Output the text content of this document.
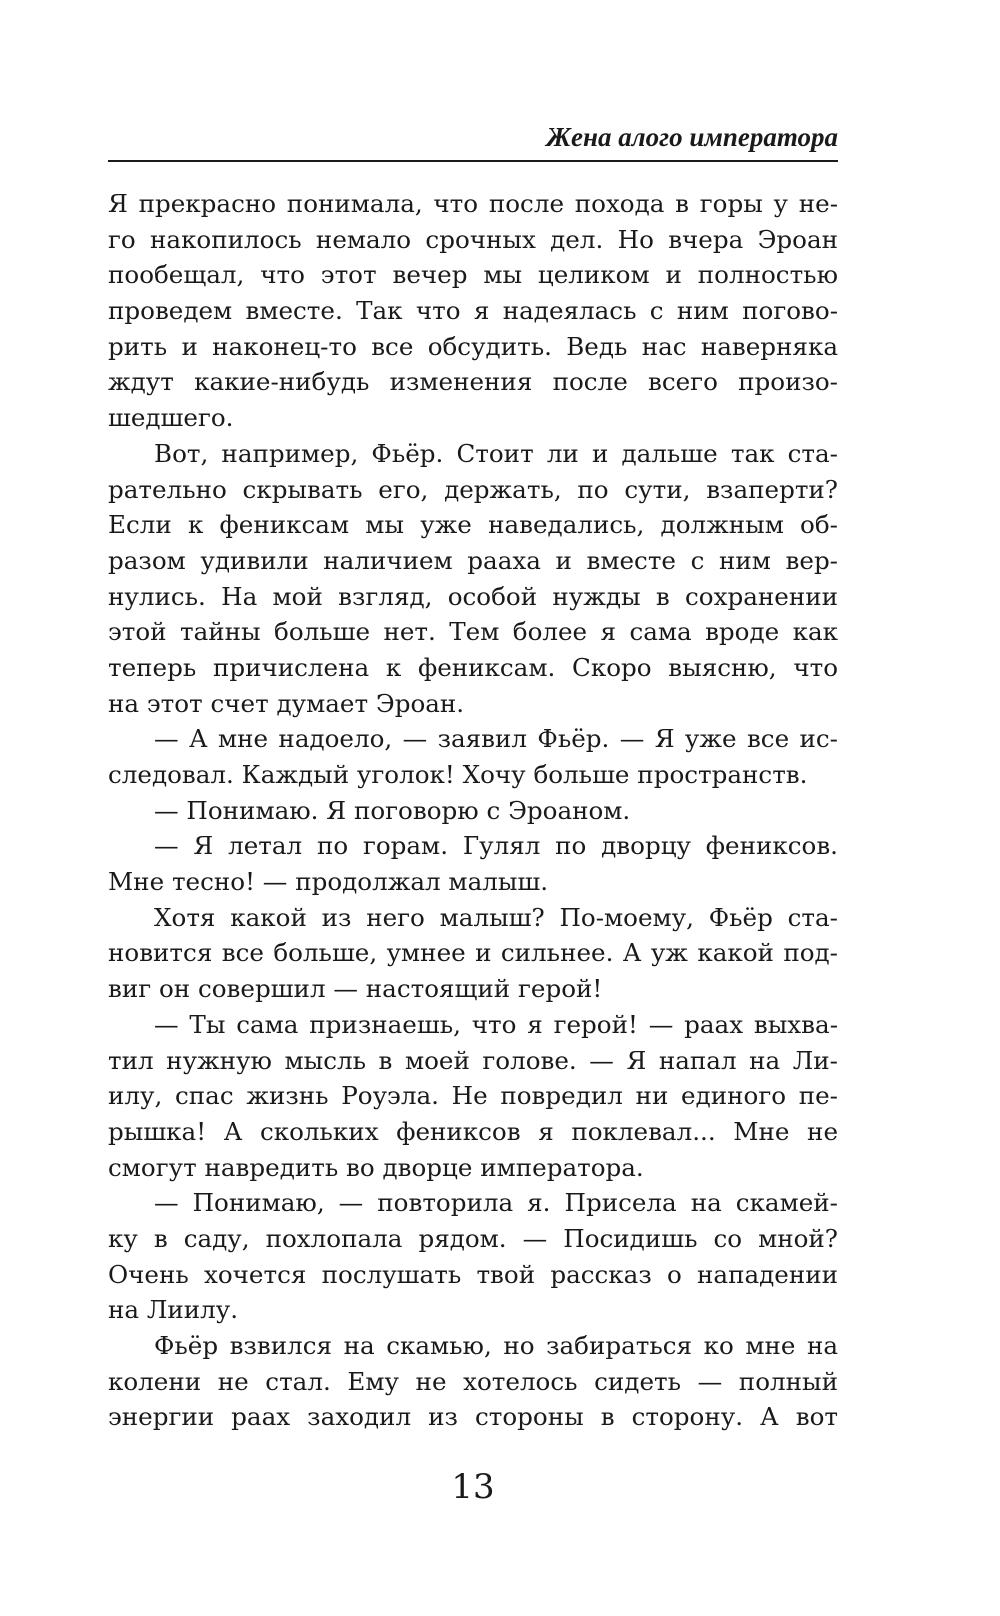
Жена алого императора
Я прекрасно понимала, что после похода в горы у не-
го накопилось немало срочных дел. Но вчера Эроан
пообещал, что этот вечер мы целиком и полностью
проведем вместе. Так что я надеялась с ним погово-
рить и наконец-то все обсудить. Ведь нас наверняка
ждут какие-нибудь изменения после всего произо-
шедшего.
Вот, например, Фьёр. Стоит ли и дальше так ста-
рательно скрывать его, держать, по сути, взаперти?
Если к фениксам мы уже наведались, должным об-
разом удивили наличием рааха и вместе с ним вер-
нулись. На мой взгляд, особой нужды в сохранении
этой тайны больше нет. Тем более я сама вроде как
теперь причислена к фениксам. Скоро выясню, что
на этот счет думает Эроан.
— А мне надоело, — заявил Фьёр. — Я уже все ис-
следовал. Каждый уголок! Хочу больше пространств.
— Понимаю. Я поговорю с Эроаном.
— Я летал по горам. Гулял по дворцу фениксов.
Мне тесно! — продолжал малыш.
Хотя какой из него малыш? По-моему, Фьёр ста-
новится все больше, умнее и сильнее. А уж какой под-
виг он совершил — настоящий герой!
— Ты сама признаешь, что я герой! — раах выхва-
тил нужную мысль в моей голове. — Я напал на Ли-
илу, спас жизнь Роуэла. Не повредил ни единого пе-
рышка! А скольких фениксов я поклевал... Мне не
смогут навредить во дворце императора.
— Понимаю, — повторила я. Присела на скамей-
ку в саду, похлопала рядом. — Посидишь со мной?
Очень хочется послушать твой рассказ о нападении
на Лиилу.
Фьёр взвился на скамью, но забираться ко мне на
колени не стал. Ему не хотелось сидеть — полный
энергии раах заходил из стороны в сторону. А вот
13
